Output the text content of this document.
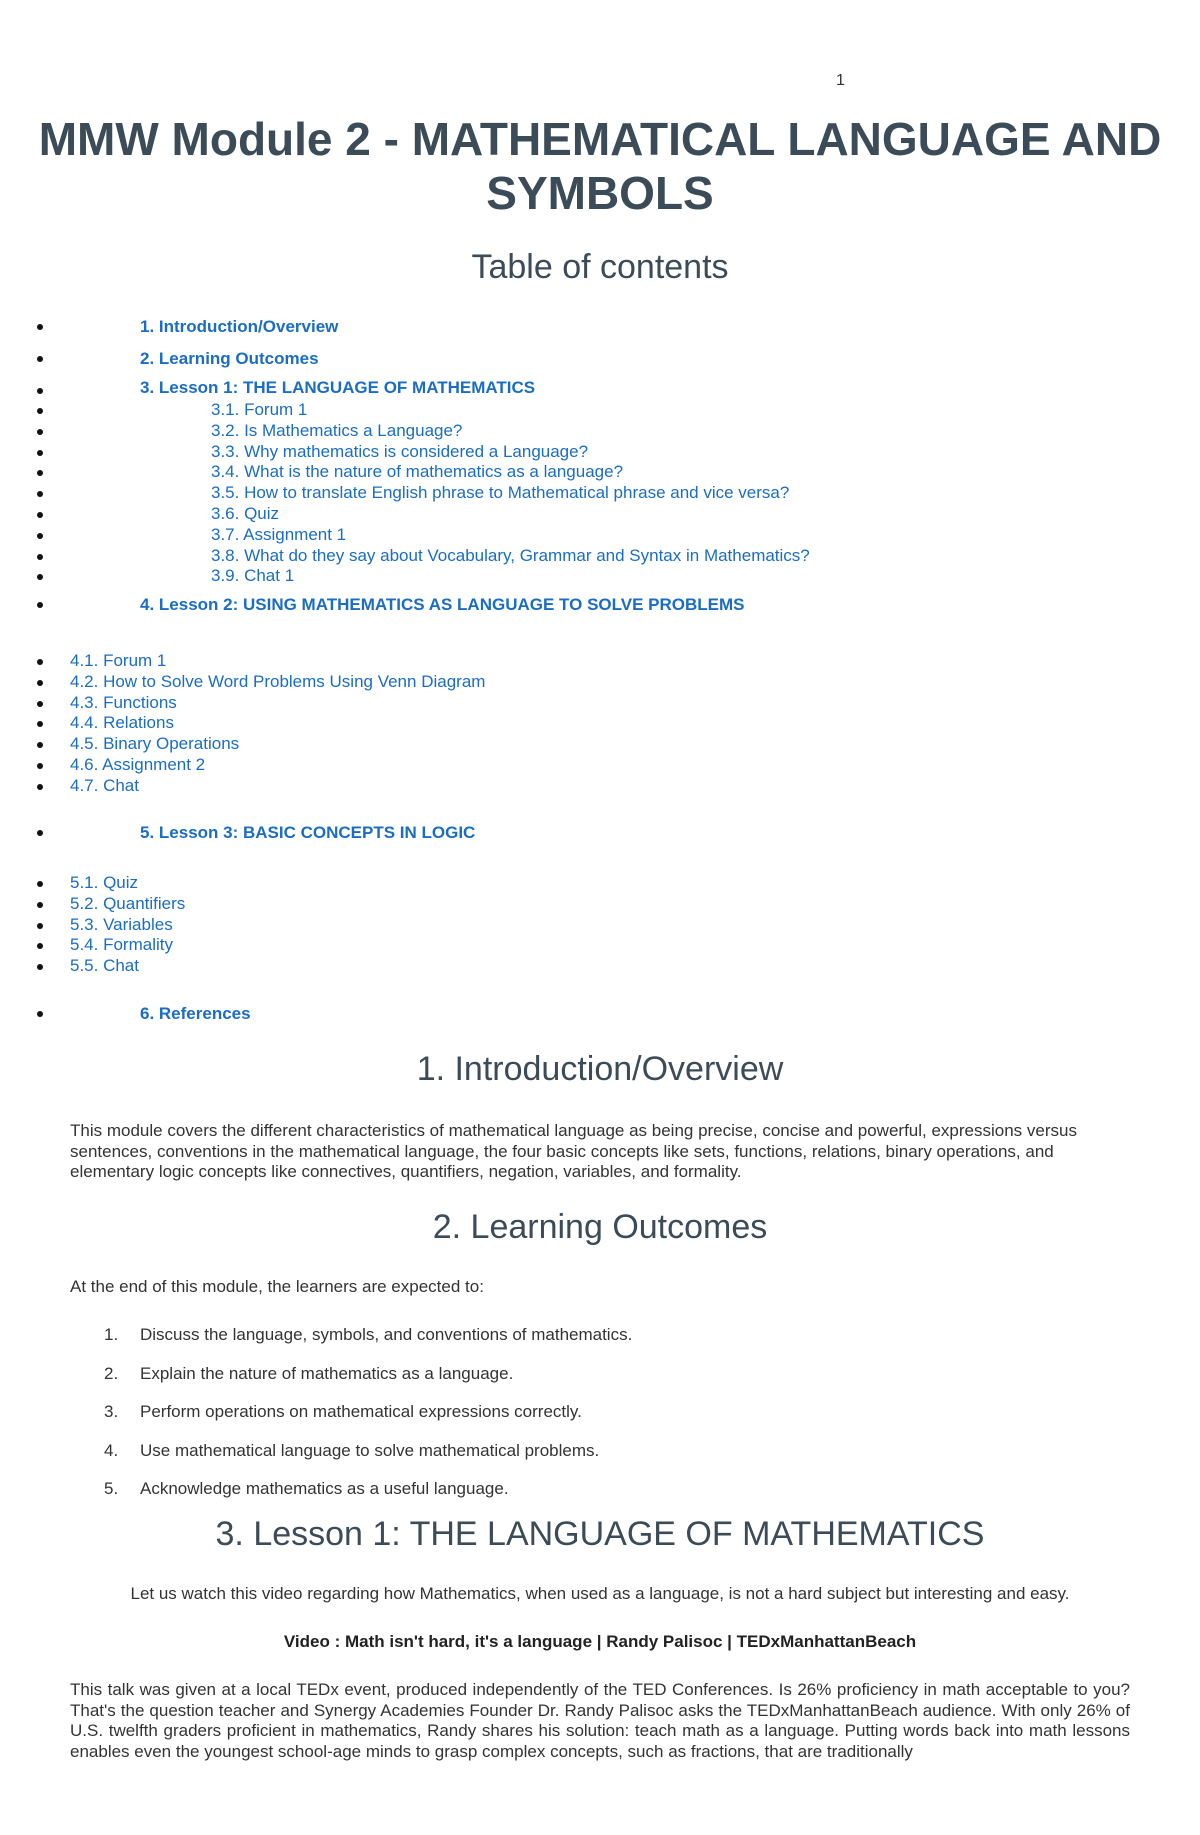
1
MMW Module 2 - MATHEMATICAL LANGUAGE AND SYMBOLS
Table of contents
1. Introduction/Overview
2. Learning Outcomes
3. Lesson 1: THE LANGUAGE OF MATHEMATICS
3.1. Forum 1
3.2. Is Mathematics a Language?
3.3. Why mathematics is considered a Language?
3.4. What is the nature of mathematics as a language?
3.5. How to translate English phrase to Mathematical phrase and vice versa?
3.6. Quiz
3.7. Assignment 1
3.8. What do they say about Vocabulary, Grammar and Syntax in Mathematics?
3.9. Chat 1
4. Lesson 2: USING MATHEMATICS AS LANGUAGE TO SOLVE PROBLEMS
4.1. Forum 1
4.2. How to Solve Word Problems Using Venn Diagram
4.3. Functions
4.4. Relations
4.5. Binary Operations
4.6. Assignment 2
4.7. Chat
5. Lesson 3: BASIC CONCEPTS IN LOGIC
5.1. Quiz
5.2. Quantifiers
5.3. Variables
5.4. Formality
5.5. Chat
6. References
1. Introduction/Overview

This module covers the different characteristics of mathematical language as being precise, concise and powerful, expressions versus sentences, conventions in the mathematical language, the four basic concepts like sets, functions, relations, binary operations, and elementary logic concepts like connectives, quantifiers, negation, variables, and formality.

2. Learning Outcomes

At the end of this module, the learners are expected to:

1. Discuss the language, symbols, and conventions of mathematics.
2. Explain the nature of mathematics as a language.
3. Perform operations on mathematical expressions correctly.
4. Use mathematical language to solve mathematical problems.
5. Acknowledge mathematics as a useful language.
3. Lesson 1: THE LANGUAGE OF MATHEMATICS

Let us watch this video regarding how Mathematics, when used as a language, is not a hard subject but interesting and easy.

Video : Math isn't hard, it's a language | Randy Palisoc | TEDxManhattanBeach

This talk was given at a local TEDx event, produced independently of the TED Conferences. Is 26% proficiency in math acceptable to you? That's the question teacher and Synergy Academies Founder Dr. Randy Palisoc asks the TEDxManhattanBeach audience. With only 26% of U.S. twelfth graders proficient in mathematics, Randy shares his solution: teach math as a language. Putting words back into math lessons enables even the youngest school-age minds to grasp complex concepts, such as fractions, that are traditionally
